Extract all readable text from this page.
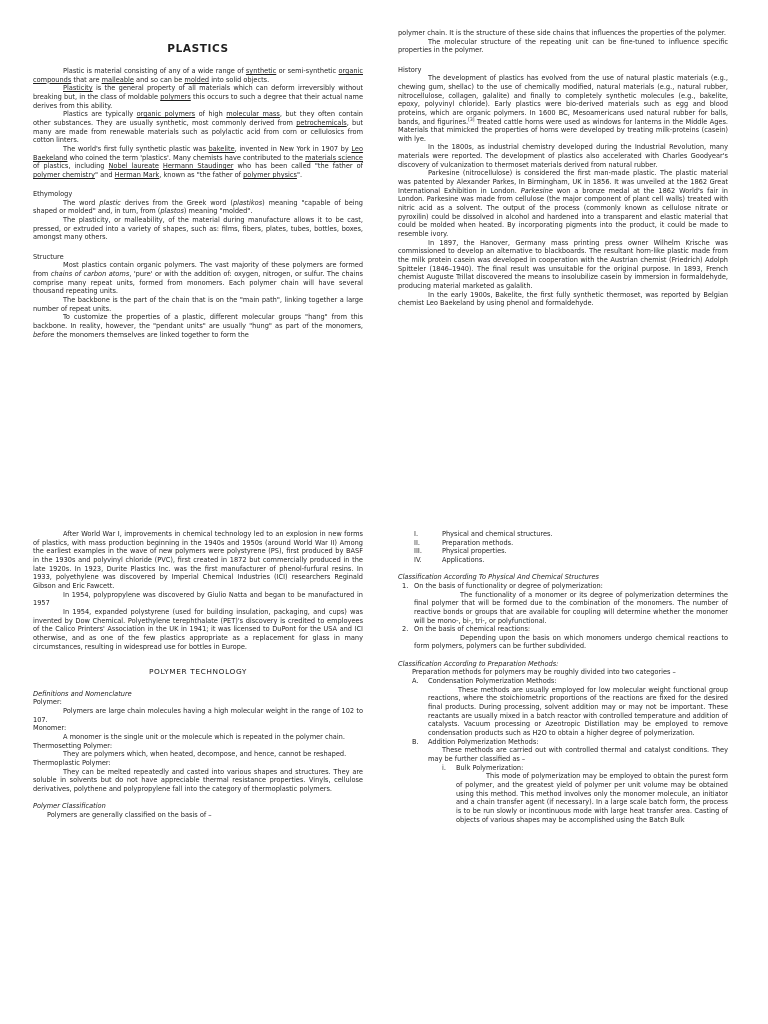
PLASTICS

Plastic is material consisting of any of a wide range of synthetic or semi-synthetic organic compounds that are malleable and so can be molded into solid objects.

Plasticity is the general property of all materials which can deform irreversibly without breaking but, in the class of moldable polymers this occurs to such a degree that their actual name derives from this ability.

Plastics are typically organic polymers of high molecular mass, but they often contain other substances. They are usually synthetic, most commonly derived from petrochemicals, but many are made from renewable materials such as polylactic acid from corn or cellulosics from cotton linters.

The world's first fully synthetic plastic was bakelite, invented in New York in 1907 by Leo Baekeland who coined the term 'plastics'. Many chemists have contributed to the materials science of plastics, including Nobel laureate Hermann Staudinger who has been called "the father of polymer chemistry" and Herman Mark, known as "the father of polymer physics".

Ethymology

The word plastic derives from the Greek word (plastikos) meaning "capable of being shaped or molded" and, in turn, from (plastos) meaning "molded".

The plasticity, or malleability, of the material during manufacture allows it to be cast, pressed, or extruded into a variety of shapes, such as: films, fibers, plates, tubes, bottles, boxes, amongst many others.

Structure

Most plastics contain organic polymers. The vast majority of these polymers are formed from chains of carbon atoms, 'pure' or with the addition of: oxygen, nitrogen, or sulfur. The chains comprise many repeat units, formed from monomers. Each polymer chain will have several thousand repeating units.

The backbone is the part of the chain that is on the "main path", linking together a large number of repeat units.

To customize the properties of a plastic, different molecular groups "hang" from this backbone. In reality, however, the "pendant units" are usually "hung" as part of the monomers, before the monomers themselves are linked together to form the

polymer chain. It is the structure of these side chains that influences the properties of the polymer.

The molecular structure of the repeating unit can be fine-tuned to influence specific properties in the polymer.

History

The development of plastics has evolved from the use of natural plastic materials (e.g., chewing gum, shellac) to the use of chemically modified, natural materials (e.g., natural rubber, nitrocellulose, collagen, galalite) and finally to completely synthetic molecules (e.g., bakelite, epoxy, polyvinyl chloride). Early plastics were bio-derived materials such as egg and blood proteins, which are organic polymers. In 1600 BC, Mesoamericans used natural rubber for balls, bands, and figurines.[3] Treated cattle horns were used as windows for lanterns in the Middle Ages. Materials that mimicked the properties of horns were developed by treating milk-proteins (casein) with lye.

In the 1800s, as industrial chemistry developed during the Industrial Revolution, many materials were reported. The development of plastics also accelerated with Charles Goodyear's discovery of vulcanization to thermoset materials derived from natural rubber.

Parkesine (nitrocellulose) is considered the first man-made plastic. The plastic material was patented by Alexander Parkes, In Birmingham, UK in 1856. It was unveiled at the 1862 Great International Exhibition in London. Parkesine won a bronze medal at the 1862 World's fair in London. Parkesine was made from cellulose (the major component of plant cell walls) treated with nitric acid as a solvent. The output of the process (commonly known as cellulose nitrate or pyroxilin) could be dissolved in alcohol and hardened into a transparent and elastic material that could be molded when heated. By incorporating pigments into the product, it could be made to resemble ivory.

In 1897, the Hanover, Germany mass printing press owner Wilhelm Krische was commissioned to develop an alternative to blackboards. The resultant horn-like plastic made from the milk protein casein was developed in cooperation with the Austrian chemist (Friedrich) Adolph Spitteler (1846–1940). The final result was unsuitable for the original purpose. In 1893, French chemist Auguste Trillat discovered the means to insolubilize casein by immersion in formaldehyde, producing material marketed as galalith.

In the early 1900s, Bakelite, the first fully synthetic thermoset, was reported by Belgian chemist Leo Baekeland by using phenol and formaldehyde.

After World War I, improvements in chemical technology led to an explosion in new forms of plastics, with mass production beginning in the 1940s and 1950s (around World War II) Among the earliest examples in the wave of new polymers were polystyrene (PS), first produced by BASF in the 1930s and polyvinyl chloride (PVC), first created in 1872 but commercially produced in the late 1920s. In 1923, Durite Plastics Inc. was the first manufacturer of phenol-furfural resins. In 1933, polyethylene was discovered by Imperial Chemical Industries (ICI) researchers Reginald Gibson and Eric Fawcett.

In 1954, polypropylene was discovered by Giulio Natta and began to be manufactured in 1957

In 1954, expanded polystyrene (used for building insulation, packaging, and cups) was invented by Dow Chemical. Polyethylene terephthalate (PET)'s discovery is credited to employees of the Calico Printers' Association in the UK in 1941; it was licensed to DuPont for the USA and ICI otherwise, and as one of the few plastics appropriate as a replacement for glass in many circumstances, resulting in widespread use for bottles in Europe.

POLYMER TECHNOLOGY

Definitions and Nomenclature

Polymer:

Polymers are large chain molecules having a high molecular weight in the range of 102 to 107.

Monomer:

A monomer is the single unit or the molecule which is repeated in the polymer chain.

Thermosetting Polymer:

They are polymers which, when heated, decompose, and hence, cannot be reshaped.

Thermoplastic Polymer:

They can be melted repeatedly and casted into various shapes and structures. They are soluble in solvents but do not have appreciable thermal resistance properties. Vinyls, cellulose derivatives, polythene and polypropylene fall into the category of thermoplastic polymers.

Polymer Classification

Polymers are generally classified on the basis of –

I.	Physical and chemical structures.
II.	Preparation methods.
III.	Physical properties.
IV.	Applications.

Classification According To Physical And Chemical Structures

1. On the basis of functionality or degree of polymerization:

The functionality of a monomer or its degree of polymerization determines the final polymer that will be formed due to the combination of the monomers. The number of reactive bonds or groups that are available for coupling will determine whether the monomer will be mono-, bi-, tri-, or polyfunctional.

2. On the basis of chemical reactions:

Depending upon the basis on which monomers undergo chemical reactions to form polymers, polymers can be further subdivided.

Classification According to Preparation Methods:

Preparation methods for polymers may be roughly divided into two categories –

A.	Condensation Polymerization Methods:

These methods are usually employed for low molecular weight functional group reactions, where the stoichiometric proportions of the reactions are fixed for the desired final products. During processing, solvent addition may or may not be important. These reactants are usually mixed in a batch reactor with controlled temperature and addition of catalysts. Vacuum processing or Azeotropic Distillation may be employed to remove condensation products such as H2O to obtain a higher degree of polymerization.

B.	Addition Polymerization Methods:

These methods are carried out with controlled thermal and catalyst conditions. They may be further classified as –

i.	Bulk Polymerization:

This mode of polymerization may be employed to obtain the purest form of polymer, and the greatest yield of polymer per unit volume may be obtained using this method. This method involves only the monomer molecule, an initiator and a chain transfer agent (if necessary). In a large scale batch form, the process is to be run slowly or incontinuous mode with large heat transfer area. Casting of objects of various shapes may be accomplished using the Batch Bulk
